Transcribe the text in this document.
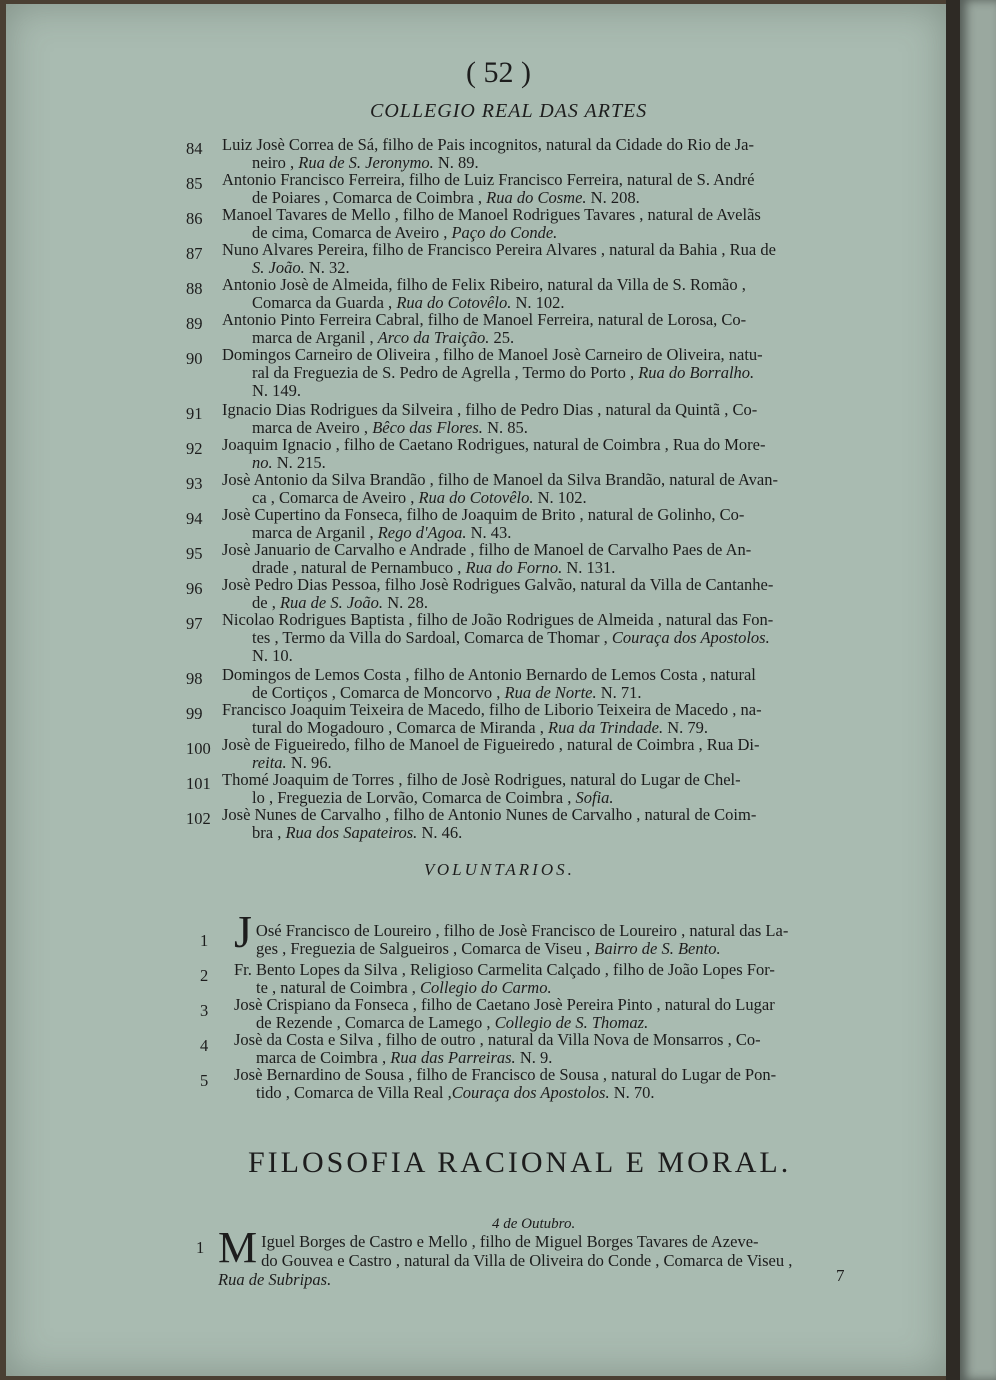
( 52 )
COLLEGIO REAL DAS ARTES
84	Luiz Josè Correa de Sá, filho de Pais incognitos, natural da Cidade do Rio de Ja-
neiro , Rua de S. Jeronymo. N. 89.
85	Antonio Francisco Ferreira, filho de Luiz Francisco Ferreira, natural de S. André
de Poiares , Comarca de Coimbra , Rua do Cosme. N. 208.
86	Manoel Tavares de Mello , filho de Manoel Rodrigues Tavares , natural de Avelãs
de cima, Comarca de Aveiro , Paço do Conde.
87	Nuno Alvares Pereira, filho de Francisco Pereira Alvares , natural da Bahia , Rua de
S. João. N. 32.
88	Antonio Josè de Almeida, filho de Felix Ribeiro, natural da Villa de S. Romão ,
Comarca da Guarda , Rua do Cotovêlo. N. 102.
89	Antonio Pinto Ferreira Cabral, filho de Manoel Ferreira, natural de Lorosa, Co-
marca de Arganil , Arco da Traição. 25.
90	Domingos Carneiro de Oliveira , filho de Manoel Josè Carneiro de Oliveira, natu-
ral da Freguezia de S. Pedro de Agrella , Termo do Porto , Rua do Borralho.
N. 149.
91	Ignacio Dias Rodrigues da Silveira , filho de Pedro Dias , natural da Quintã , Co-
marca de Aveiro , Bêco das Flores. N. 85.
92	Joaquim Ignacio , filho de Caetano Rodrigues, natural de Coimbra , Rua do More-
no. N. 215.
93	Josè Antonio da Silva Brandão , filho de Manoel da Silva Brandão, natural de Avan-
ca , Comarca de Aveiro , Rua do Cotovêlo. N. 102.
94	Josè Cupertino da Fonseca, filho de Joaquim de Brito , natural de Golinho, Co-
marca de Arganil , Rego d'Agoa. N. 43.
95	Josè Januario de Carvalho e Andrade , filho de Manoel de Carvalho Paes de An-
drade , natural de Pernambuco , Rua do Forno. N. 131.
96	Josè Pedro Dias Pessoa, filho Josè Rodrigues Galvão, natural da Villa de Cantanhe-
de , Rua de S. João. N. 28.
97	Nicolao Rodrigues Baptista , filho de João Rodrigues de Almeida , natural das Fon-
tes , Termo da Villa do Sardoal, Comarca de Thomar , Couraça dos Apostolos.
N. 10.
98	Domingos de Lemos Costa , filho de Antonio Bernardo de Lemos Costa , natural
de Cortiços , Comarca de Moncorvo , Rua de Norte. N. 71.
99	Francisco Joaquim Teixeira de Macedo, filho de Liborio Teixeira de Macedo , na-
tural do Mogadouro , Comarca de Miranda , Rua da Trindade. N. 79.
100 Josè de Figueiredo, filho de Manoel de Figueiredo , natural de Coimbra , Rua Di-
reita. N. 96.
101 Thomé Joaquim de Torres , filho de Josè Rodrigues, natural do Lugar de Chel-
lo , Freguezia de Lorvão, Comarca de Coimbra , Sofia.
102 Josè Nunes de Carvalho , filho de Antonio Nunes de Carvalho , natural de Coim-
bra , Rua dos Sapateiros. N. 46.
VOLUNTARIOS.
1 J Osé Francisco de Loureiro , filho de Josè Francisco de Loureiro , natural das La-
ges , Freguezia de Salgueiros , Comarca de Viseu , Bairro de S. Bento.
2	Fr. Bento Lopes da Silva , Religioso Carmelita Calçado , filho de João Lopes For-
te , natural de Coimbra , Collegio do Carmo.
3	Josè Crispiano da Fonseca , filho de Caetano Josè Pereira Pinto , natural do Lugar
de Rezende , Comarca de Lamego , Collegio de S. Thomaz.
4	Josè da Costa e Silva , filho de outro , natural da Villa Nova de Monsarros , Co-
marca de Coimbra , Rua das Parreiras. N. 9.
5	Josè Bernardino de Sousa , filho de Francisco de Sousa , natural do Lugar de Pon-
tido , Comarca de Villa Real ,Couraça dos Apostolos. N. 70.
FILOSOFIA RACIONAL E MORAL.
4 de Outubro.
1 M Iguel Borges de Castro e Mello , filho de Miguel Borges Tavares de Azeve-
do Gouvea e Castro , natural da Villa de Oliveira do Conde , Comarca de Viseu ,
Rua de Subripas.	7
